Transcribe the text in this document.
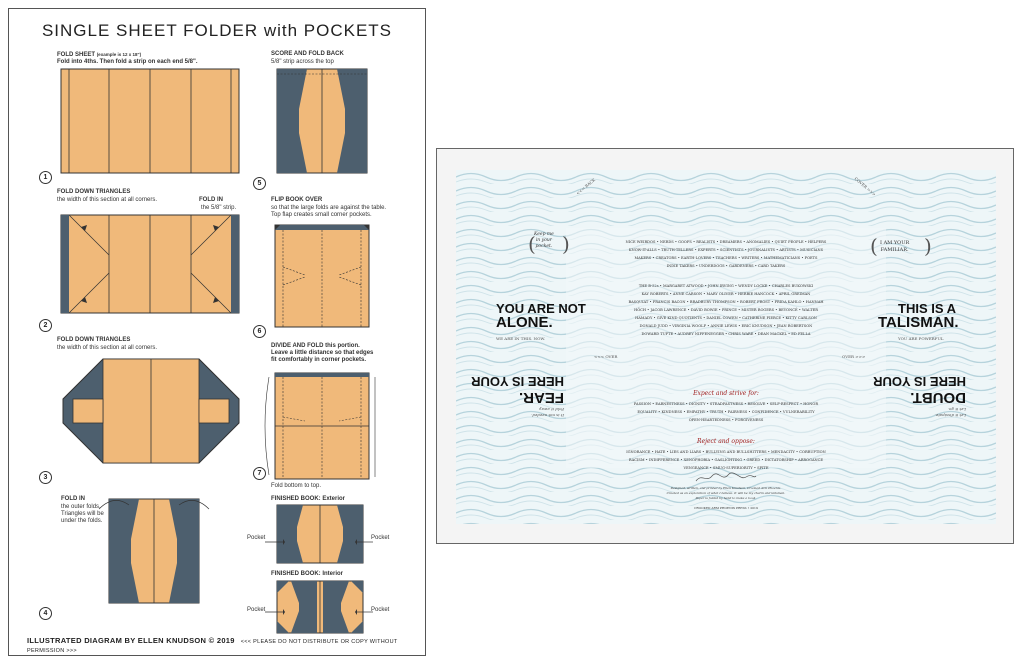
SINGLE SHEET FOLDER with POCKETS
FOLD SHEET (example is 12 x 18")
Fold into 4ths. Then fold a strip on each end 5/8".
1
FOLD DOWN TRIANGLES
the width of this section at all corners.	FOLD IN
the 5/8" strip.
2
FOLD DOWN TRIANGLES
the width of this section at all corners.
3
FOLD IN
the outer folds.
Triangles will be
under the folds.
4
SCORE AND FOLD BACK
5/8" strip across the top
5
FLIP BOOK OVER
so that the large folds are against the table.
Top flap creates small corner pockets.
6
DIVIDE AND FOLD this portion.
Leave a little distance so that edges
fit comfortably in corner pockets.
7
Fold bottom to top.
FINISHED BOOK: Exterior
Pocket	Pocket
FINISHED BOOK: Interior
Pocket	Pocket
ILLUSTRATED DIAGRAM BY ELLEN KNUDSON © 2019 <<< PLEASE DO NOT DISTRIBUTE OR COPY WITHOUT PERMISSION >>>
Keep me
in your
pocket.
( )	I AM YOUR
FAMILIAR.
( )
NICE WEIRDOS • NERDS • GOOFS • REALISTS • DREAMERS • ANOMALIES • QUIET PEOPLE • HELPERS
KNOW-IT-ALLS • TRUTH-TELLERS • EXPERTS • SCIENTISTS • JOURNALISTS • ARTISTS • MUSICIANS
MAKERS • CREATORS • EARTH-LOVERS • TEACHERS • WRITERS • MATHEMATICIANS • POETS
INDIE TAKERS • UNDERDOGS • GARDENERS • CARD TAKERS
THE B-52s • MARGARET ATWOOD • JOHN IRVING • WENDY LOCKE • CHARLES BUKOWSKI
KAY ROBERTS • ANNE CARSON • MARY OLIVER • HERBIE HANCOCK • APRIL GREIMAN
BASQUIAT • FRANCIS BACON • BRADBURY THOMPSON • ROBERT FROST • FRIDA KAHLO • HANNAH
HÖCH • JACOB LAWRENCE • DAVID BOWIE • PRINCE • MISTER ROGERS • BEYONCÉ • WALTER
HAMADY • GIVE KIND QUOTIENTS • DANIEL COWEN • CATHERINE PIERCE • KITTY CARLSON
DONALD JUDD • VIRGINIA WOOLF • ANNIE LEWIS • ERIC KNUDSON • JEAN ROBERTSON
DOWARD TUFTE • AUDREY NIFFENEGGER • CHRIS WARE • DEAN MACKEL • ED FELLA
YOU ARE NOT
ALONE.
WE ARE IN THIS. NOW.
THIS IS A
TALISMAN.
YOU ARE POWERFUL
<<< OVER	OVER >>>
It is not needed.
Fold it away.
FEAR.
HERE IS YOUR
Let it dissipate.
Let it go.
DOUBT.
HERE IS YOUR
Expect and strive for:
PASSION • EARNESTNESS • DIGNITY • STEADFASTNESS • RESOLVE • SELF-RESPECT • HONOR
EQUALITY • KINDNESS • EMPATHY • TRUTH • FAIRNESS • CONFIDENCE • VULNERABILITY
OPEN-HEARTEDNESS • FORGIVENESS
Reject and oppose:
IGNORANCE • HATE • LIES AND LIARS • BULLYING AND BULLSHITTERS • MENDACITY • CORRUPTION
RACISM • INDIFFERENCE • XENOPHOBIA • GASLIGHTING • GREED • DICTATORSHIP • ARROGANCE
VENGEANCE • SMUG-SUPERIORITY • SPITE
Designed, written, and printed by Ellen Knudson, Crooked Arm Phoenix.
Created as an exploration of what I believe. It will be my charm and talisman.
Paper is folded by hand to make a book.
CROOKED ARM PHOENIX PRESS • 2019
<<< BACK	COVER >>>
